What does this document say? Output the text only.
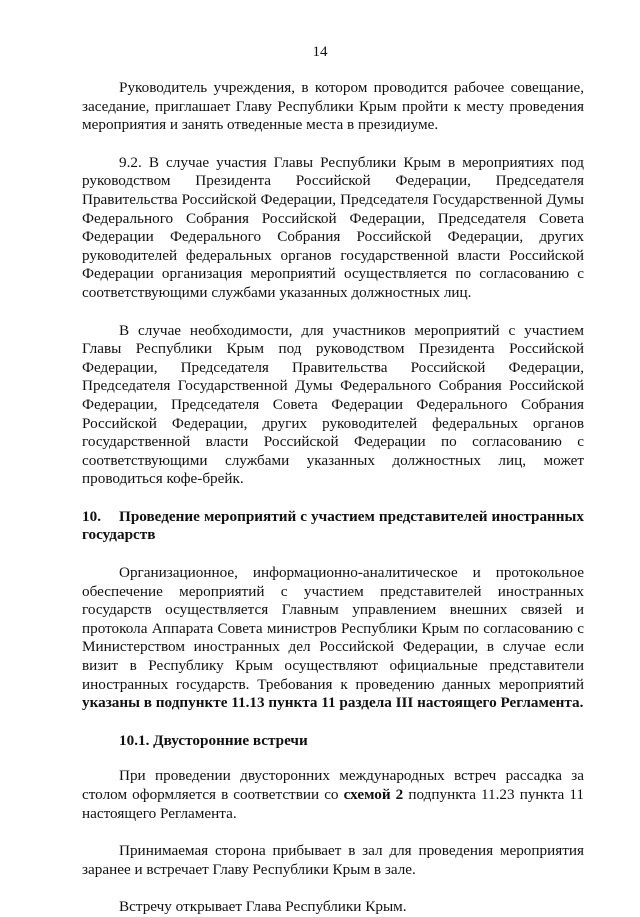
14

Руководитель учреждения, в котором проводится рабочее совещание, заседание, приглашает Главу Республики Крым пройти к месту проведения мероприятия и занять отведенные места в президиуме.

9.2. В случае участия Главы Республики Крым в мероприятиях под руководством Президента Российской Федерации, Председателя Правительства Российской Федерации, Председателя Государственной Думы Федерального Собрания Российской Федерации, Председателя Совета Федерации Федерального Собрания Российской Федерации, других руководителей федеральных органов государственной власти Российской Федерации организация мероприятий осуществляется по согласованию с соответствующими службами указанных должностных лиц.

В случае необходимости, для участников мероприятий с участием Главы Республики Крым под руководством Президента Российской Федерации, Председателя Правительства Российской Федерации, Председателя Государственной Думы Федерального Собрания Российской Федерации, Председателя Совета Федерации Федерального Собрания Российской Федерации, других руководителей федеральных органов государственной власти Российской Федерации по согласованию с соответствующими службами указанных должностных лиц, может проводиться кофе-брейк.

10. Проведение мероприятий с участием представителей иностранных государств

Организационное, информационно-аналитическое и протокольное обеспечение мероприятий с участием представителей иностранных государств осуществляется Главным управлением внешних связей и протокола Аппарата Совета министров Республики Крым по согласованию с Министерством иностранных дел Российской Федерации, в случае если визит в Республику Крым осуществляют официальные представители иностранных государств. Требования к проведению данных мероприятий указаны в подпункте 11.13 пункта 11 раздела III настоящего Регламента.

10.1. Двусторонние встречи

При проведении двусторонних международных встреч рассадка за столом оформляется в соответствии со схемой 2 подпункта 11.23 пункта 11 настоящего Регламента.

Принимаемая сторона прибывает в зал для проведения мероприятия заранее и встречает Главу Республики Крым в зале.

Встречу открывает Глава Республики Крым.
